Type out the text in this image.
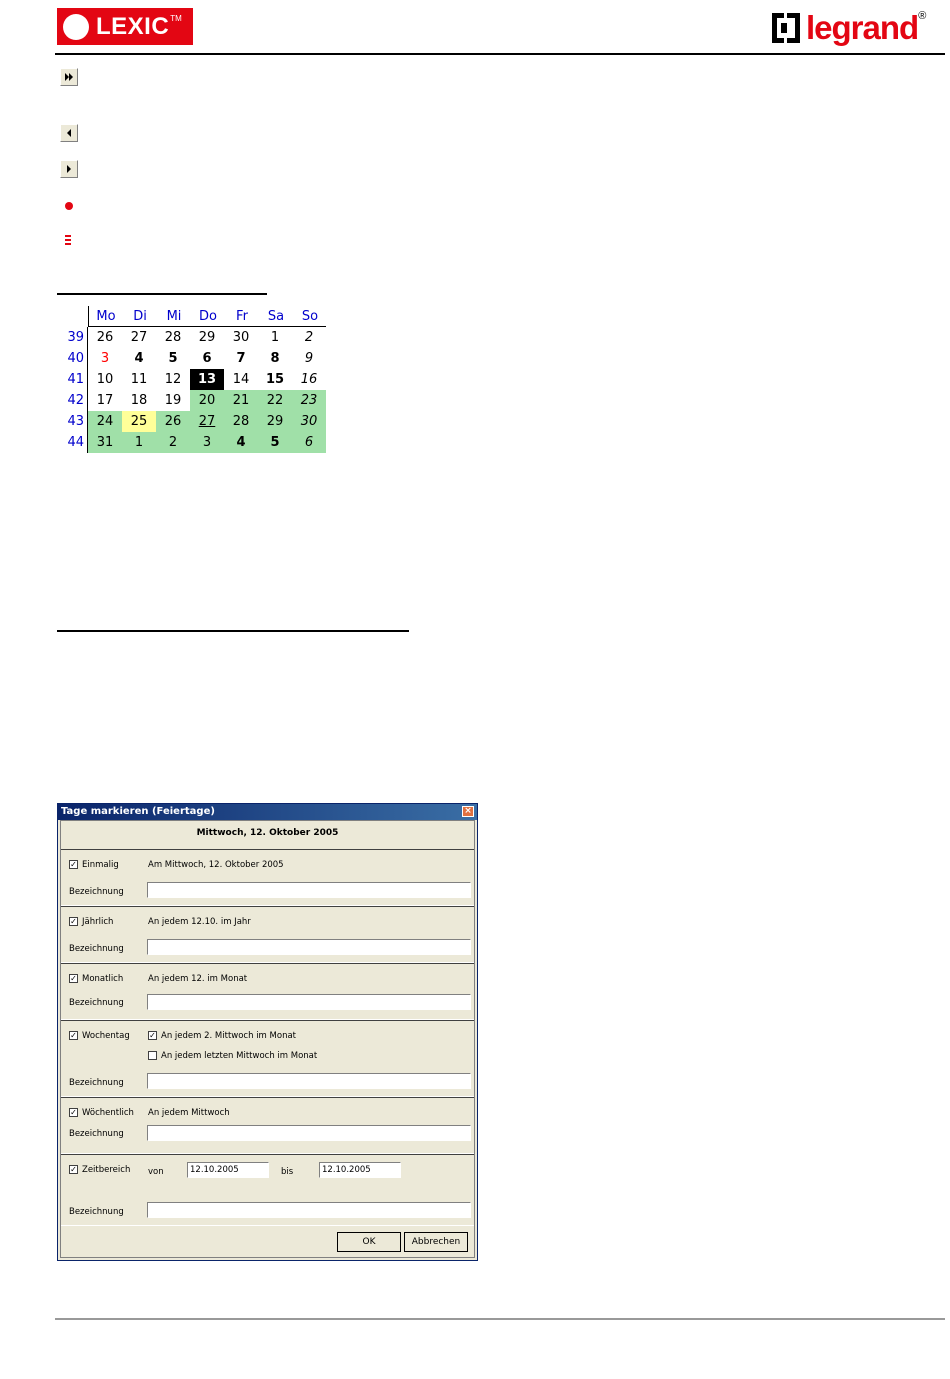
LEXIC TM	legrand ®
Mo	Di	Mi	Do	Fr	Sa	So
39 26	27	28	29	30	1	2
40	3	4	5	6	7	8	9
41 10	11	12	13	14	15	16
42 17	18	19	20	21	22	23
43 24	25	26	27	28	29	30
44 31	1	2	3	4	5	6
Tage markieren (Feiertage)	×
Mittwoch, 12. Oktober 2005
✓ Einmalig	Am Mittwoch, 12. Oktober 2005
Bezeichnung
✓ Jährlich	An jedem 12.10. im Jahr
Bezeichnung
✓ Monatlich	An jedem 12. im Monat
Bezeichnung
✓ Wochentag ✓ An jedem 2. Mittwoch im Monat
An jedem letzten Mittwoch im Monat
Bezeichnung
✓ Wöchentlich An jedem Mittwoch
Bezeichnung
✓ Zeitbereich von	12.10.2005	bis	12.10.2005
Bezeichnung
OK	Abbrechen
